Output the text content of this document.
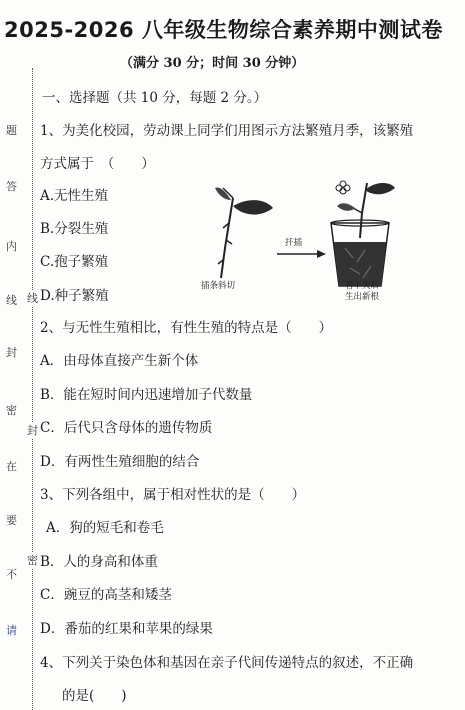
2025-2026 八年级生物综合素养期中测试卷
（满分 30 分；时间 30 分钟）
题
答
内
线
封
密
在
要
不
请
线
封
密
一、选择题（共 10 分，每题 2 分。）
1、为美化校园，劳动课上同学们用图示方法繁殖月季，该繁殖
方式属于　（　　）
A.无性生殖
B.分裂生殖
C.孢子繁殖
D.种子繁殖
插条斜切
扦插
若干天后
生出新根
2、与无性生殖相比，有性生殖的特点是（　　）
A．由母体直接产生新个体
B．能在短时间内迅速增加子代数量
C．后代只含母体的遗传物质
D．有两性生殖细胞的结合
3、下列各组中，属于相对性状的是（　　）
A．狗的短毛和卷毛
B．人的身高和体重
C．豌豆的高茎和矮茎
D．番茄的红果和苹果的绿果
4、下列关于染色体和基因在亲子代间传递特点的叙述，不正确
的是(　　)
